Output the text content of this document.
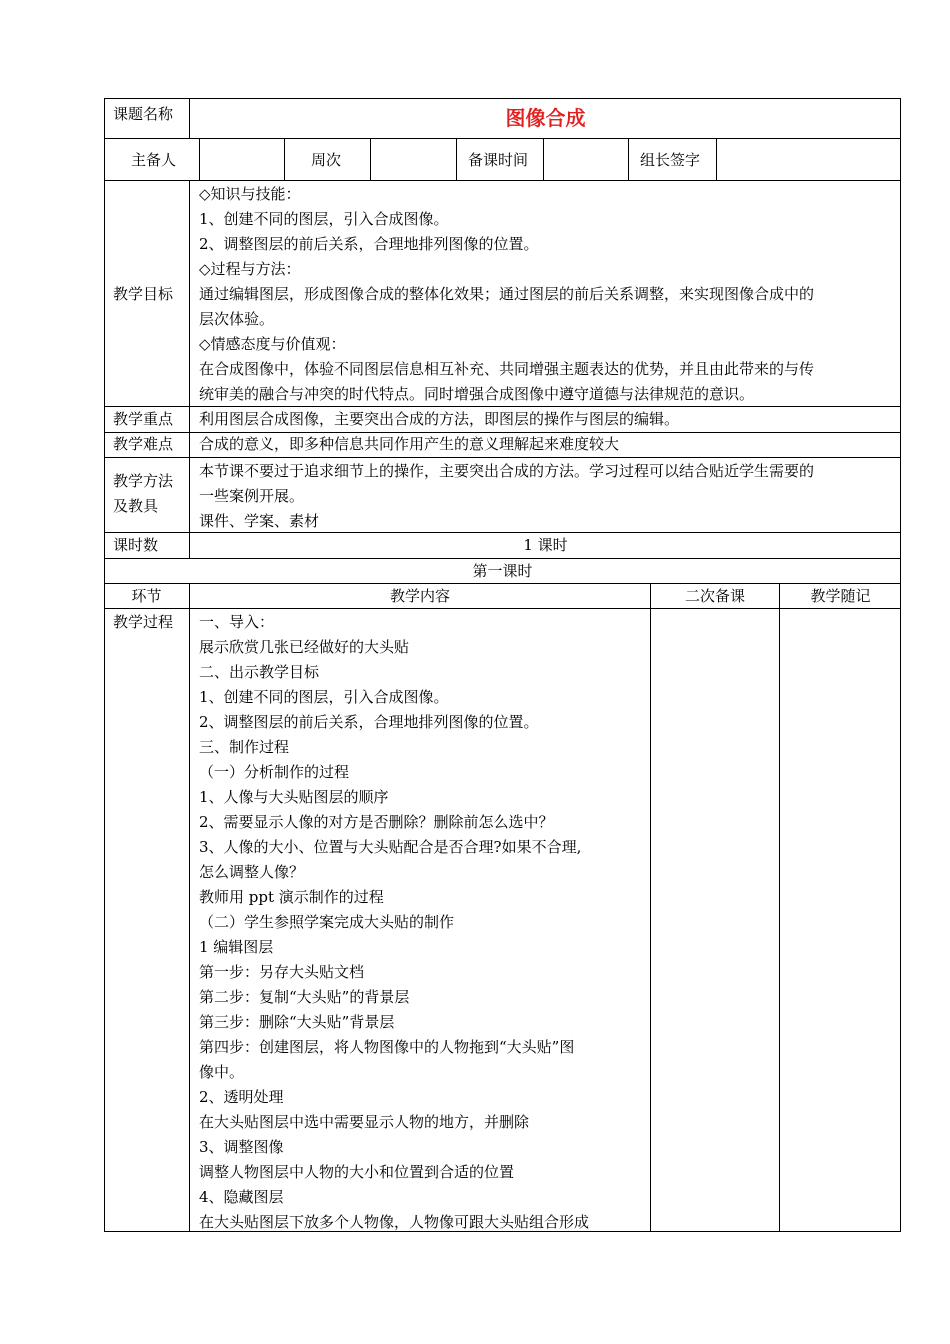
课题名称	图像合成
主备人	周次	备课时间	组长签字
教学目标
◇知识与技能：
1、创建不同的图层，引入合成图像。
2、调整图层的前后关系，合理地排列图像的位置。
◇过程与方法：
通过编辑图层，形成图像合成的整体化效果；通过图层的前后关系调整，来实现图像合成中的
层次体验。
◇情感态度与价值观：
在合成图像中，体验不同图层信息相互补充、共同增强主题表达的优势，并且由此带来的与传
统审美的融合与冲突的时代特点。同时增强合成图像中遵守道德与法律规范的意识。
教学重点 利用图层合成图像，主要突出合成的方法，即图层的操作与图层的编辑。
教学难点 合成的意义，即多种信息共同作用产生的意义理解起来难度较大
教学方法
及教具
本节课不要过于追求细节上的操作，主要突出合成的方法。学习过程可以结合贴近学生需要的
一些案例开展。
课件、学案、素材
课时数	1 课时
第一课时
环节	教学内容	二次备课	教学随记
教学过程 一、导入：
展示欣赏几张已经做好的大头贴
二、出示教学目标
1、创建不同的图层，引入合成图像。
2、调整图层的前后关系，合理地排列图像的位置。
三、制作过程
（一）分析制作的过程
1、人像与大头贴图层的顺序
2、需要显示人像的对方是否删除？删除前怎么选中？
3、人像的大小、位置与大头贴配合是否合理?如果不合理,
怎么调整人像？
教师用 ppt 演示制作的过程
（二）学生参照学案完成大头贴的制作
1 编辑图层
第一步：另存大头贴文档
第二步：复制“大头贴”的背景层
第三步：删除“大头贴”背景层
第四步：创建图层，将人物图像中的人物拖到“大头贴”图
像中。
2、透明处理
在大头贴图层中选中需要显示人物的地方，并删除
3、调整图像
调整人物图层中人物的大小和位置到合适的位置
4、隐藏图层
在大头贴图层下放多个人物像，人物像可跟大头贴组合形成
